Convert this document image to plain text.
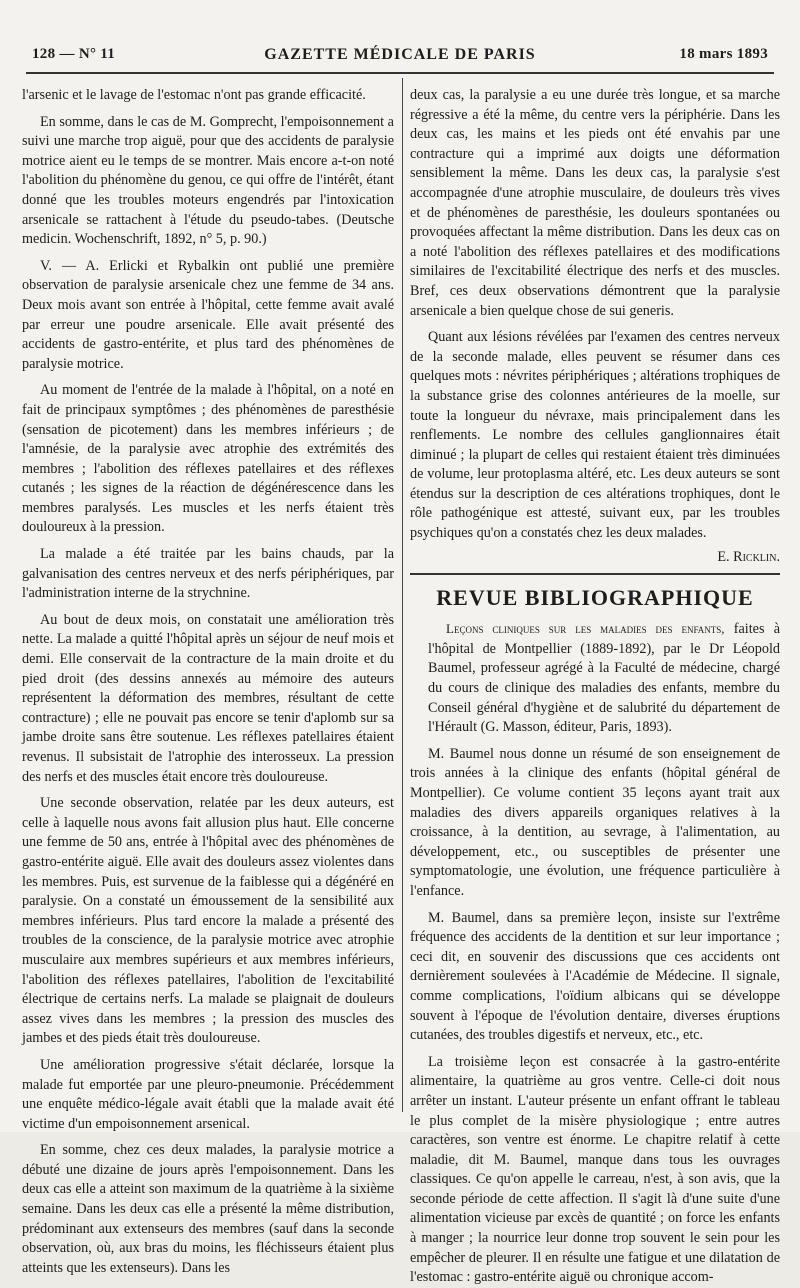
128 — N° 11	GAZETTE MÉDICALE DE PARIS	18 mars 1893

l'arsenic et le lavage de l'estomac n'ont pas grande efficacité.

En somme, dans le cas de M. Gomprecht, l'empoisonnement a suivi une marche trop aiguë, pour que des accidents de paralysie motrice aient eu le temps de se montrer. Mais encore a-t-on noté l'abolition du phénomène du genou, ce qui offre de l'intérêt, étant donné que les troubles moteurs engendrés par l'intoxication arsenicale se rattachent à l'étude du pseudo-tabes. (Deutsche medicin. Wochenschrift, 1892, n° 5, p. 90.)

V. — A. Erlicki et Rybalkin ont publié une première observation de paralysie arsenicale chez une femme de 34 ans. Deux mois avant son entrée à l'hôpital, cette femme avait avalé par erreur une poudre arsenicale. Elle avait présenté des accidents de gastro-entérite, et plus tard des phénomènes de paralysie motrice.

Au moment de l'entrée de la malade à l'hôpital, on a noté en fait de principaux symptômes ; des phénomènes de paresthésie (sensation de picotement) dans les membres inférieurs ; de l'amnésie, de la paralysie avec atrophie des extrémités des membres ; l'abolition des réflexes patellaires et des réflexes cutanés ; les signes de la réaction de dégénérescence dans les membres paralysés. Les muscles et les nerfs étaient très douloureux à la pression.

La malade a été traitée par les bains chauds, par la galvanisation des centres nerveux et des nerfs périphériques, par l'administration interne de la strychnine.

Au bout de deux mois, on constatait une amélioration très nette. La malade a quitté l'hôpital après un séjour de neuf mois et demi. Elle conservait de la contracture de la main droite et du pied droit (des dessins annexés au mémoire des auteurs représentent la déformation des membres, résultant de cette contracture) ; elle ne pouvait pas encore se tenir d'aplomb sur sa jambe droite sans être soutenue. Les réflexes patellaires étaient revenus. Il subsistait de l'atrophie des interosseux. La pression des nerfs et des muscles était encore très douloureuse.

Une seconde observation, relatée par les deux auteurs, est celle à laquelle nous avons fait allusion plus haut. Elle concerne une femme de 50 ans, entrée à l'hôpital avec des phénomènes de gastro-entérite aiguë. Elle avait des douleurs assez violentes dans les membres. Puis, est survenue de la faiblesse qui a dégénéré en paralysie. On a constaté un émoussement de la sensibilité aux membres inférieurs. Plus tard encore la malade a présenté des troubles de la conscience, de la paralysie motrice avec atrophie musculaire aux membres supérieurs et aux membres inférieurs, l'abolition des réflexes patellaires, l'abolition de l'excitabilité électrique de certains nerfs. La malade se plaignait de douleurs assez vives dans les membres ; la pression des muscles des jambes et des pieds était très douloureuse.

Une amélioration progressive s'était déclarée, lorsque la malade fut emportée par une pleuro-pneumonie. Précédemment une enquête médico-légale avait établi que la malade avait été victime d'un empoisonnement arsenical.

En somme, chez ces deux malades, la paralysie motrice a débuté une dizaine de jours après l'empoisonnement. Dans les deux cas elle a atteint son maximum de la quatrième à la sixième semaine. Dans les deux cas elle a présenté la même distribution, prédominant aux extenseurs des membres (sauf dans la seconde observation, où, aux bras du moins, les fléchisseurs étaient plus atteints que les extenseurs). Dans les

deux cas, la paralysie a eu une durée très longue, et sa marche régressive a été la même, du centre vers la périphérie. Dans les deux cas, les mains et les pieds ont été envahis par une contracture qui a imprimé aux doigts une déformation sensiblement la même. Dans les deux cas, la paralysie s'est accompagnée d'une atrophie musculaire, de douleurs très vives et de phénomènes de paresthésie, les douleurs spontanées ou provoquées affectant la même distribution. Dans les deux cas on a noté l'abolition des réflexes patellaires et des modifications similaires de l'excitabilité électrique des nerfs et des muscles. Bref, ces deux observations démontrent que la paralysie arsenicale a bien quelque chose de sui generis.

Quant aux lésions révélées par l'examen des centres nerveux de la seconde malade, elles peuvent se résumer dans ces quelques mots : névrites périphériques ; altérations trophiques de la substance grise des colonnes antérieures de la moelle, sur toute la longueur du névraxe, mais principalement dans les renflements. Le nombre des cellules ganglionnaires était diminué ; la plupart de celles qui restaient étaient très diminuées de volume, leur protoplasma altéré, etc. Les deux auteurs se sont étendus sur la description de ces altérations trophiques, dont le rôle pathogénique est attesté, suivant eux, par les troubles psychiques qu'on a constatés chez les deux malades.

E. Ricklin.
REVUE BIBLIOGRAPHIQUE

Leçons cliniques sur les maladies des enfants, faites à l'hôpital de Montpellier (1889-1892), par le Dr Léopold Baumel, professeur agrégé à la Faculté de médecine, chargé du cours de clinique des maladies des enfants, membre du Conseil général d'hygiène et de salubrité du département de l'Hérault (G. Masson, éditeur, Paris, 1893).

M. Baumel nous donne un résumé de son enseignement de trois années à la clinique des enfants (hôpital général de Montpellier). Ce volume contient 35 leçons ayant trait aux maladies des divers appareils organiques relatives à la croissance, à la dentition, au sevrage, à l'alimentation, au développement, etc., ou susceptibles de présenter une symptomatologie, une évolution, une fréquence particulière à l'enfance.

M. Baumel, dans sa première leçon, insiste sur l'extrême fréquence des accidents de la dentition et sur leur importance ; ceci dit, en souvenir des discussions que ces accidents ont dernièrement soulevées à l'Académie de Médecine. Il signale, comme complications, l'oïdium albicans qui se développe souvent à l'époque de l'évolution dentaire, diverses éruptions cutanées, des troubles digestifs et nerveux, etc., etc.

La troisième leçon est consacrée à la gastro-entérite alimentaire, la quatrième au gros ventre. Celle-ci doit nous arrêter un instant. L'auteur présente un enfant offrant le tableau le plus complet de la misère physiologique ; entre autres caractères, son ventre est énorme. Le chapitre relatif à cette maladie, dit M. Baumel, manque dans tous les ouvrages classiques. Ce qu'on appelle le carreau, n'est, à son avis, que la seconde période de cette affection. Il s'agit là d'une suite d'une alimentation vicieuse par excès de quantité ; on force les enfants à manger ; la nourrice leur donne trop souvent le sein pour les empêcher de pleurer. Il en résulte une fatigue et une dilatation de l'estomac : gastro-entérite aiguë ou chronique accom-
